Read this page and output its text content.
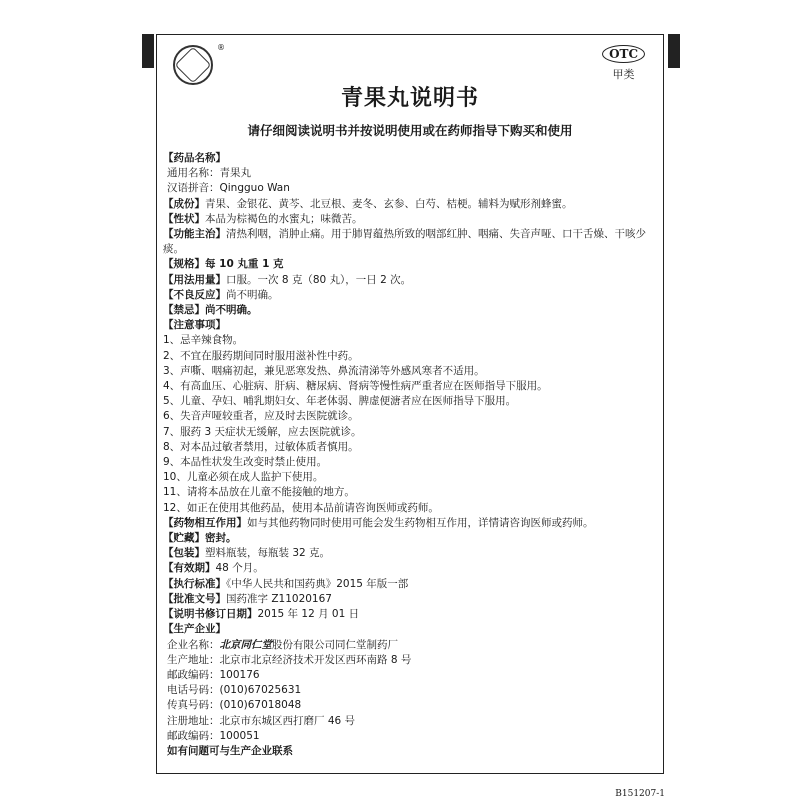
®	OTC
甲类
青果丸说明书
请仔细阅读说明书并按说明使用或在药师指导下购买和使用
【药品名称】
通用名称：青果丸
汉语拼音：Qingguo Wan
【成份】青果、金银花、黄芩、北豆根、麦冬、玄参、白芍、桔梗。辅料为赋形剂蜂蜜。
【性状】本品为棕褐色的水蜜丸；味微苦。
【功能主治】清热利咽，消肿止痛。用于肺胃蕴热所致的咽部红肿、咽痛、失音声哑、口干舌燥、干咳少痰。
【规格】每 10 丸重 1 克
【用法用量】口服。一次 8 克（80 丸），一日 2 次。
【不良反应】尚不明确。
【禁忌】尚不明确。
【注意事项】
1、忌辛辣食物。
2、不宜在服药期间同时服用滋补性中药。
3、声嘶、咽痛初起，兼见恶寒发热、鼻流清涕等外感风寒者不适用。
4、有高血压、心脏病、肝病、糖尿病、肾病等慢性病严重者应在医师指导下服用。
5、儿童、孕妇、哺乳期妇女、年老体弱、脾虚便溏者应在医师指导下服用。
6、失音声哑较重者，应及时去医院就诊。
7、服药 3 天症状无缓解，应去医院就诊。
8、对本品过敏者禁用，过敏体质者慎用。
9、本品性状发生改变时禁止使用。
10、儿童必须在成人监护下使用。
11、请将本品放在儿童不能接触的地方。
12、如正在使用其他药品，使用本品前请咨询医师或药师。
【药物相互作用】如与其他药物同时使用可能会发生药物相互作用，详情请咨询医师或药师。
【贮藏】密封。
【包装】塑料瓶装，每瓶装 32 克。
【有效期】48 个月。
【执行标准】《中华人民共和国药典》2015 年版一部
【批准文号】国药准字 Z11020167
【说明书修订日期】2015 年 12 月 01 日
【生产企业】
企业名称：北京同仁堂股份有限公司同仁堂制药厂
生产地址：北京市北京经济技术开发区西环南路 8 号
邮政编码：100176
电话号码：(010)67025631
传真号码：(010)67018048
注册地址：北京市东城区西打磨厂 46 号
邮政编码：100051
如有问题可与生产企业联系
B151207-1
